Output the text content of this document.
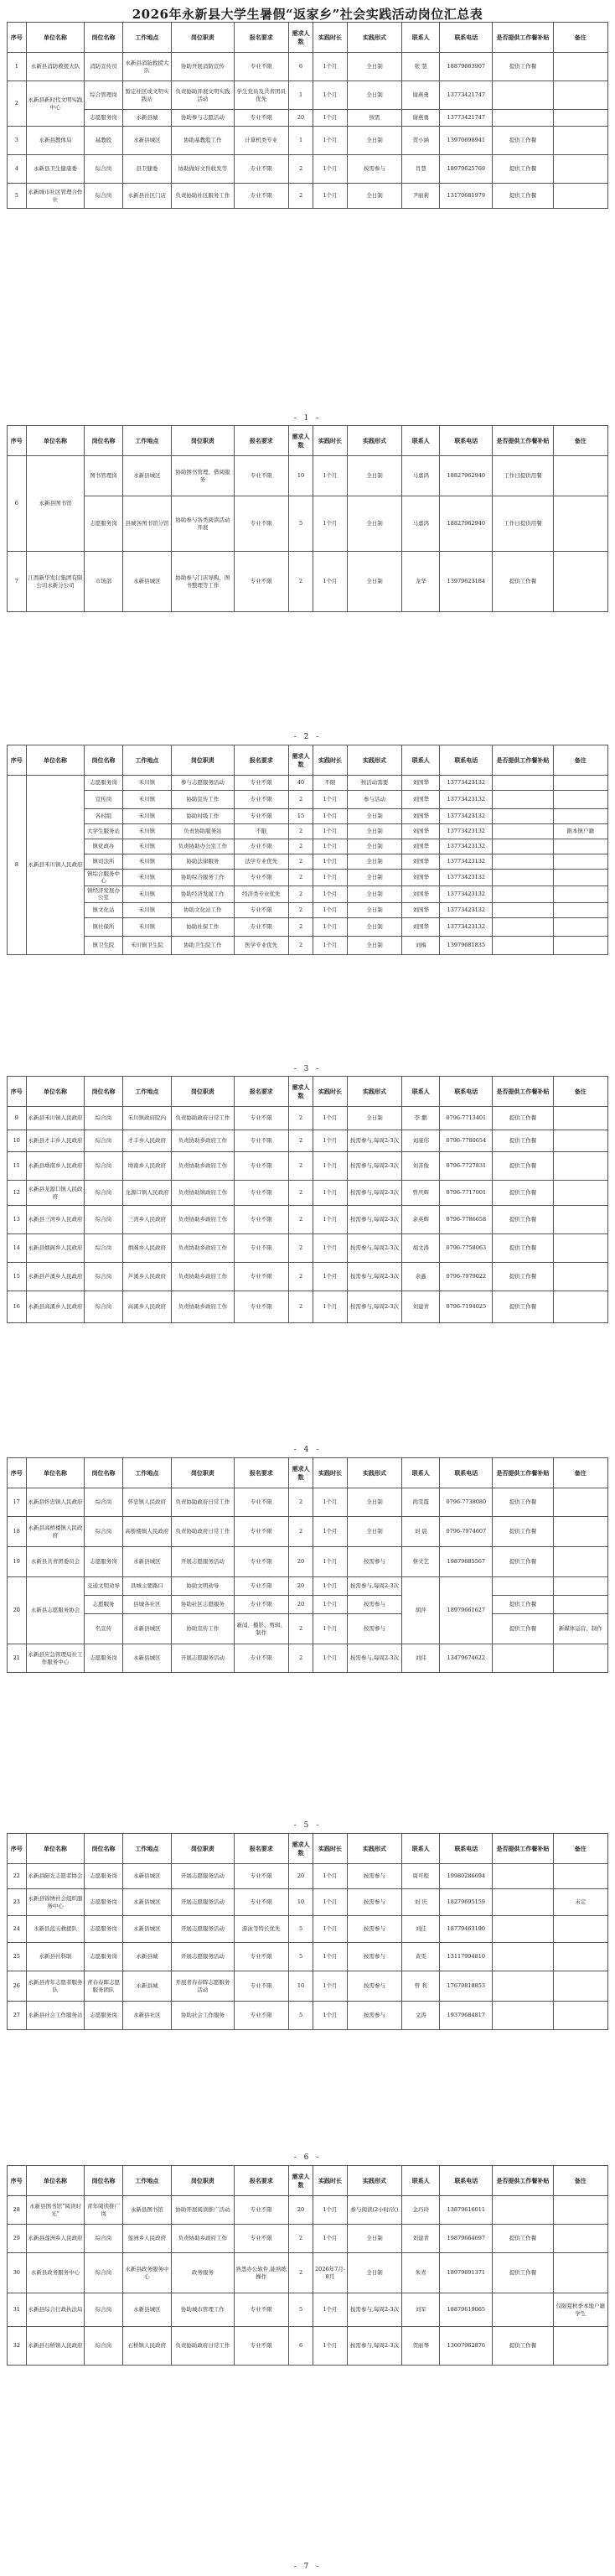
2026年永新县大学生暑假“返家乡”社会实践活动岗位汇总表
序号	单位名称	岗位名称	工作地点	岗位职责	报名要求	需求人数	实践时长	实践形式	联系人	联系电话	是否提供工作餐补贴	备注
1	永新县消防救援大队	消防宣传员	永新县消防救援大队	协助开展消防宣传	专业不限	6	1个月	全日制	张 慧	18879663907	提供工作餐	
2	永新县新时代文明实践中心	综合管理岗	暂定社区或文明实践站	负责协助开展文明实践活动	学生党员及共青团员优先	1	1个月	全日制	谢燕勇	13773421747		
		志愿服务岗	永新县城	协助参与志愿活动	专业不限	20	1个月	按需	谢燕勇	13773421747		
3	永新县教体局	基教股	永新县城区	协助基教股工作	计算机类专业	1	1个月	全日制	贺小涵	13970698941	提供工作餐	
4	永新县卫生健康委	综合岗	县卫健委	协助做好文件收发等	专业不限	2	1个月	按需参与	肖慧	18979625769	提供工作餐	
5	永新城市社区管理合作社	综合岗	永新县社区门店	负责协助社区服务工作	专业不限	2	1个月	全日制	尹丽莉	13170681979	提供工作餐	
序号	单位名称	岗位名称	工作地点	岗位职责	报名要求	需求人数	实践时长	实践形式	联系人	联系电话	是否提供工作餐补贴	备注
6	永新县图书馆	图书管理岗	永新县城区	协助图书管理、借阅服务	专业不限	10	1个月	全日制	马嘉鸿	18827962940	工作日提供用餐	
		志愿服务岗	县城各图书馆分馆	协助参与各类阅读活动开展	专业不限	5	1个月	全日制	马嘉鸿	18827962940	工作日提供用餐	
7	江西新华发行集团有限公司永新分公司	市场部	永新县城区	协助参与门店导购、图书整理等工作	专业不限	2	1个月	全日制	龙华	13979623184	提供工作餐	
序号	单位名称	岗位名称	工作地点	岗位职责	报名要求	需求人数	实践时长	实践形式	联系人	联系电话	是否提供工作餐补贴	备注
8	永新县禾川镇人民政府	志愿服务岗	禾川镇	参与志愿服务活动	专业不限	40	不限	按活动需要	刘国华	13773423132		
		宣传岗	禾川镇	协助宣传工作	专业不限	2	1个月	参与活动	刘国华	13773423132		
		各村组	禾川镇	协助村级工作	专业不限	15	1个月	全日制	刘国华	13773423132		
		大学生服务站	禾川镇	负责协助服务站	不限	2	1个月	全日制	刘国华	13773423132		限本镇户籍
		镇党政办	禾川镇	负责协助办公室工作	专业不限	2	1个月	全日制	刘国华	13773423132		
		镇司法所	禾川镇	协助法律服务	法学专业优先	2	1个月	全日制	刘国华	13773423132		
		镇综合服务中心	禾川镇	协助综合服务工作	专业不限	2	1个月	全日制	刘国华	13773423132		
		镇经济发展办公室	禾川镇	协助经济发展工作	经济类专业优先	2	1个月	全日制	刘国华	13773423132		
		镇文化站	禾川镇	协助文化站工作	专业不限	2	1个月	全日制	刘国华	13773423132		
		镇社保所	禾川镇	协助社保工作	专业不限	2	1个月	全日制	刘国华	13773423132		
		镇卫生院	禾川镇卫生院	协助卫生院工作	医学专业优先	2	1个月	全日制	刘梅	13979681835		
序号	单位名称	岗位名称	工作地点	岗位职责	报名要求	需求人数	实践时长	实践形式	联系人	联系电话	是否提供工作餐补贴	备注
9	永新县禾川镇人民政府	综合岗	禾川镇政府院内	负责协助政府日常工作	专业不限	2	1个月	全日制	李 鹏	0796-7713401	提供工作餐	
10	永新县才丰乡人民政府	综合岗	才丰乡人民政府	负责协助乡政府工作	专业不限	2	1个月	按需参与,每周2-3次	刘康伟	0796-7780654	提供工作餐	
11	永新县坳南乡人民政府	综合岗	坳南乡人民政府	负责协助乡政府工作	专业不限	2	1个月	按需参与,每周2-3次	刘善俊	0796-7727831	提供工作餐	
12	永新县龙源口镇人民政府	综合岗	龙源口镇人民政府	负责协助镇政府工作	专业不限	2	1个月	按需参与,每周2-3次	曾庆辉	0796-7717001	提供工作餐	
13	永新县三湾乡人民政府	综合岗	三湾乡人民政府	负责协助乡政府工作	专业不限	2	1个月	按需参与,每周2-3次	余英辉	0796-7786658	提供工作餐	
14	永新县烟阁乡人民政府	综合岗	烟阁乡人民政府	负责协助乡政府工作	专业不限	2	1个月	按需参与,每周2-3次	胡文涛	0796-7758063	提供工作餐	
15	永新县芦溪乡人民政府	综合岗	芦溪乡人民政府	负责协助乡政府工作	专业不限	2	1个月	按需参与,每周2-3次	余鑫	0796-7979022	提供工作餐	
16	永新县高溪乡人民政府	综合岗	高溪乡人民政府	负责协助乡政府工作	专业不限	2	1个月	按需参与,每周2-3次	刘建青	0796-7194025	提供工作餐	
序号	单位名称	岗位名称	工作地点	岗位职责	报名要求	需求人数	实践时长	实践形式	联系人	联系电话	是否提供工作餐补贴	备注
17	永新县怀忠镇人民政府	综合岗	怀忠镇人民政府	负责协助政府日常工作	专业不限	2	1个月	全日制	尚雯霞	0796-7738080	提供工作餐	
18	永新县高桥楼镇人民政府	综合岗	高桥楼镇人民政府	负责协助政府日常工作	专业不限	2	1个月	全日制	刘 晨	0796-7974607	提供工作餐	
19	永新县共青团委员会	志愿服务岗	永新县城区	开展志愿服务活动	专业不限	20	1个月	按需参与	蔡文艺	19879685567	提供工作餐	
20	永新县志愿服务协会	交通文明劝导	县城主要路口	协助文明劝导	专业不限	20	1个月	按需参与,每周2-3次	胡萍	18979661627		
		志愿服务	县城各社区	协助社区志愿服务	专业不限	20	1个月	按需参与			提供工作餐	
		名宣传	永新县城区	协助宣传工作	新闻、摄影、剪辑、制作	2	1个月	按需参与			提供工作餐	新媒体运营、制作
21	永新县应急管理局社工作服务中心	志愿服务岗	永新县城区	开展志愿服务活动	专业不限	2	1个月	按需参与,每周2-3次	刘伟	13479674622		
序号	单位名称	岗位名称	工作地点	岗位职责	报名要求	需求人数	实践时长	实践形式	联系人	联系电话	是否提供工作餐补贴	备注
22	永新县阳光志愿者协会	志愿服务岗	永新县城区	开展志愿服务活动	专业不限	20	1个月	按需参与	周可程	19980286694		
23	永新县锦绣社会组织服务中心	志愿服务岗	永新县城区	开展志愿服务活动	专业不限	10	1个月	按需参与	刘 庆	18279695159		未定
24	永新县蓝天救援队	志愿服务岗	永新县城区	开展志愿服务活动	游泳等特长优先	5	1个月	按需参与	刘佳	18779463190		
25	永新县社科联	志愿服务岗	永新县城	开展志愿服务活动	专业不限	5	1个月	按需参与	黄雯	13117994810		
26	永新县青年志愿者服务队	青春春晖志愿服务团队	永新县城	开展青春春晖志愿服务活动	专业不限	10	1个月	按需参与	曾 利	17679818853		
27	永新县社会工作服务站	志愿服务岗	永新县社区	协助社会工作服务	专业不限	5	1个月	按需参与	文涛	19379684817		
序号	单位名称	岗位名称	工作地点	岗位职责	报名要求	需求人数	实践时长	实践形式	联系人	联系电话	是否提供工作餐补贴	备注
28	永新县图书馆“阅读时光”	青年阅读推广岗	永新县图书馆	协助开展阅读推广活动	专业不限	20	1个月	参与阅读(2小时/次)	金巧玲	13879616011		
29	永新县莲洲乡人民政府	综合岗	莲洲乡人民政府	负责协助乡政府工作	专业不限	2	1个月	全日制	刘建青	19879664697	提供工作餐	
30	永新县政务服务中心	综合岗	永新县政务服务中心	政务服务	熟悉办公软件,能熟练操作	2	2026年7月-8月	全日制	朱青	18979691371	提供工作餐	
31	永新县综合行政执法局	综合岗	永新县城区	协助城市管理工作	专业不限	5	1个月	按需参与,每周2-3次	刘军	18879619065		仅限夏秋季本地户籍学生
32	永新县石桥镇人民政府	综合岗	石桥镇人民政府	负责协助政府日常工作	专业不限	6	1个月	按需参与,每周2-3次	贺丽琴	13007962876	提供工作餐	
- 1 -
- 2 -
- 3 -
- 4 -
- 5 -
- 6 -
- 7 -
